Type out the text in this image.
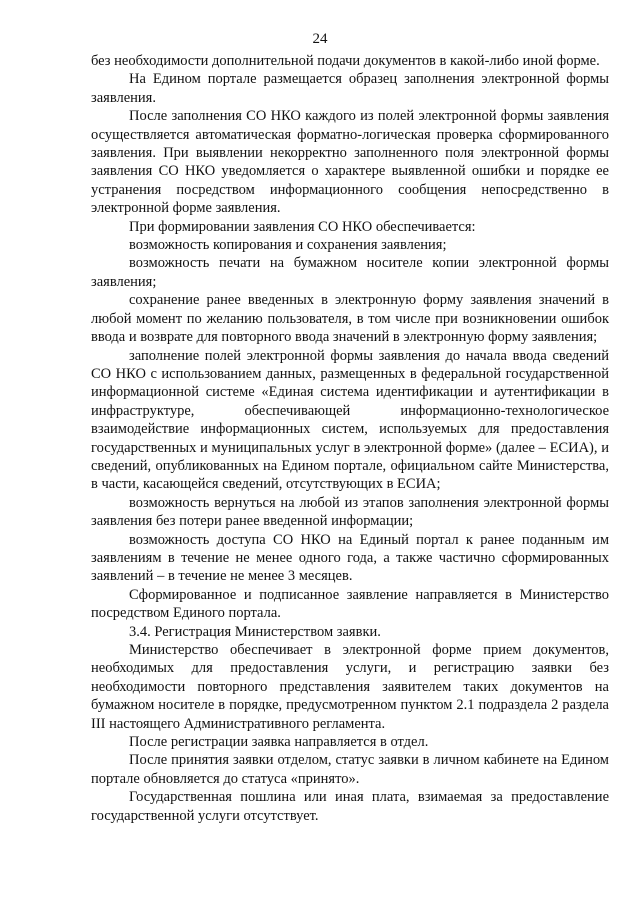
24

без необходимости дополнительной подачи документов в какой-либо иной форме.

На Едином портале размещается образец заполнения электронной формы заявления.

После заполнения СО НКО каждого из полей электронной формы заявления осуществляется автоматическая форматно-логическая проверка сформированного заявления. При выявлении некорректно заполненного поля электронной формы заявления СО НКО уведомляется о характере выявленной ошибки и порядке ее устранения посредством информационного сообщения непосредственно в электронной форме заявления.

При формировании заявления СО НКО обеспечивается:

возможность копирования и сохранения заявления;

возможность печати на бумажном носителе копии электронной формы заявления;

сохранение ранее введенных в электронную форму заявления значений в любой момент по желанию пользователя, в том числе при возникновении ошибок ввода и возврате для повторного ввода значений в электронную форму заявления;

заполнение полей электронной формы заявления до начала ввода сведений СО НКО с использованием данных, размещенных в федеральной государственной информационной системе «Единая система идентификации и аутентификации в инфраструктуре, обеспечивающей информационно-технологическое взаимодействие информационных систем, используемых для предоставления государственных и муниципальных услуг в электронной форме» (далее – ЕСИА), и сведений, опубликованных на Едином портале, официальном сайте Министерства, в части, касающейся сведений, отсутствующих в ЕСИА;

возможность вернуться на любой из этапов заполнения электронной формы заявления без потери ранее введенной информации;

возможность доступа СО НКО на Единый портал к ранее поданным им заявлениям в течение не менее одного года, а также частично сформированных заявлений – в течение не менее 3 месяцев.

Сформированное и подписанное заявление направляется в Министерство посредством Единого портала.

3.4. Регистрация Министерством заявки.

Министерство обеспечивает в электронной форме прием документов, необходимых для предоставления услуги, и регистрацию заявки без необходимости повторного представления заявителем таких документов на бумажном носителе в порядке, предусмотренном пунктом 2.1 подраздела 2 раздела III настоящего Административного регламента.

После регистрации заявка направляется в отдел.

После принятия заявки отделом, статус заявки в личном кабинете на Едином портале обновляется до статуса «принято».

Государственная пошлина или иная плата, взимаемая за предоставление государственной услуги отсутствует.
